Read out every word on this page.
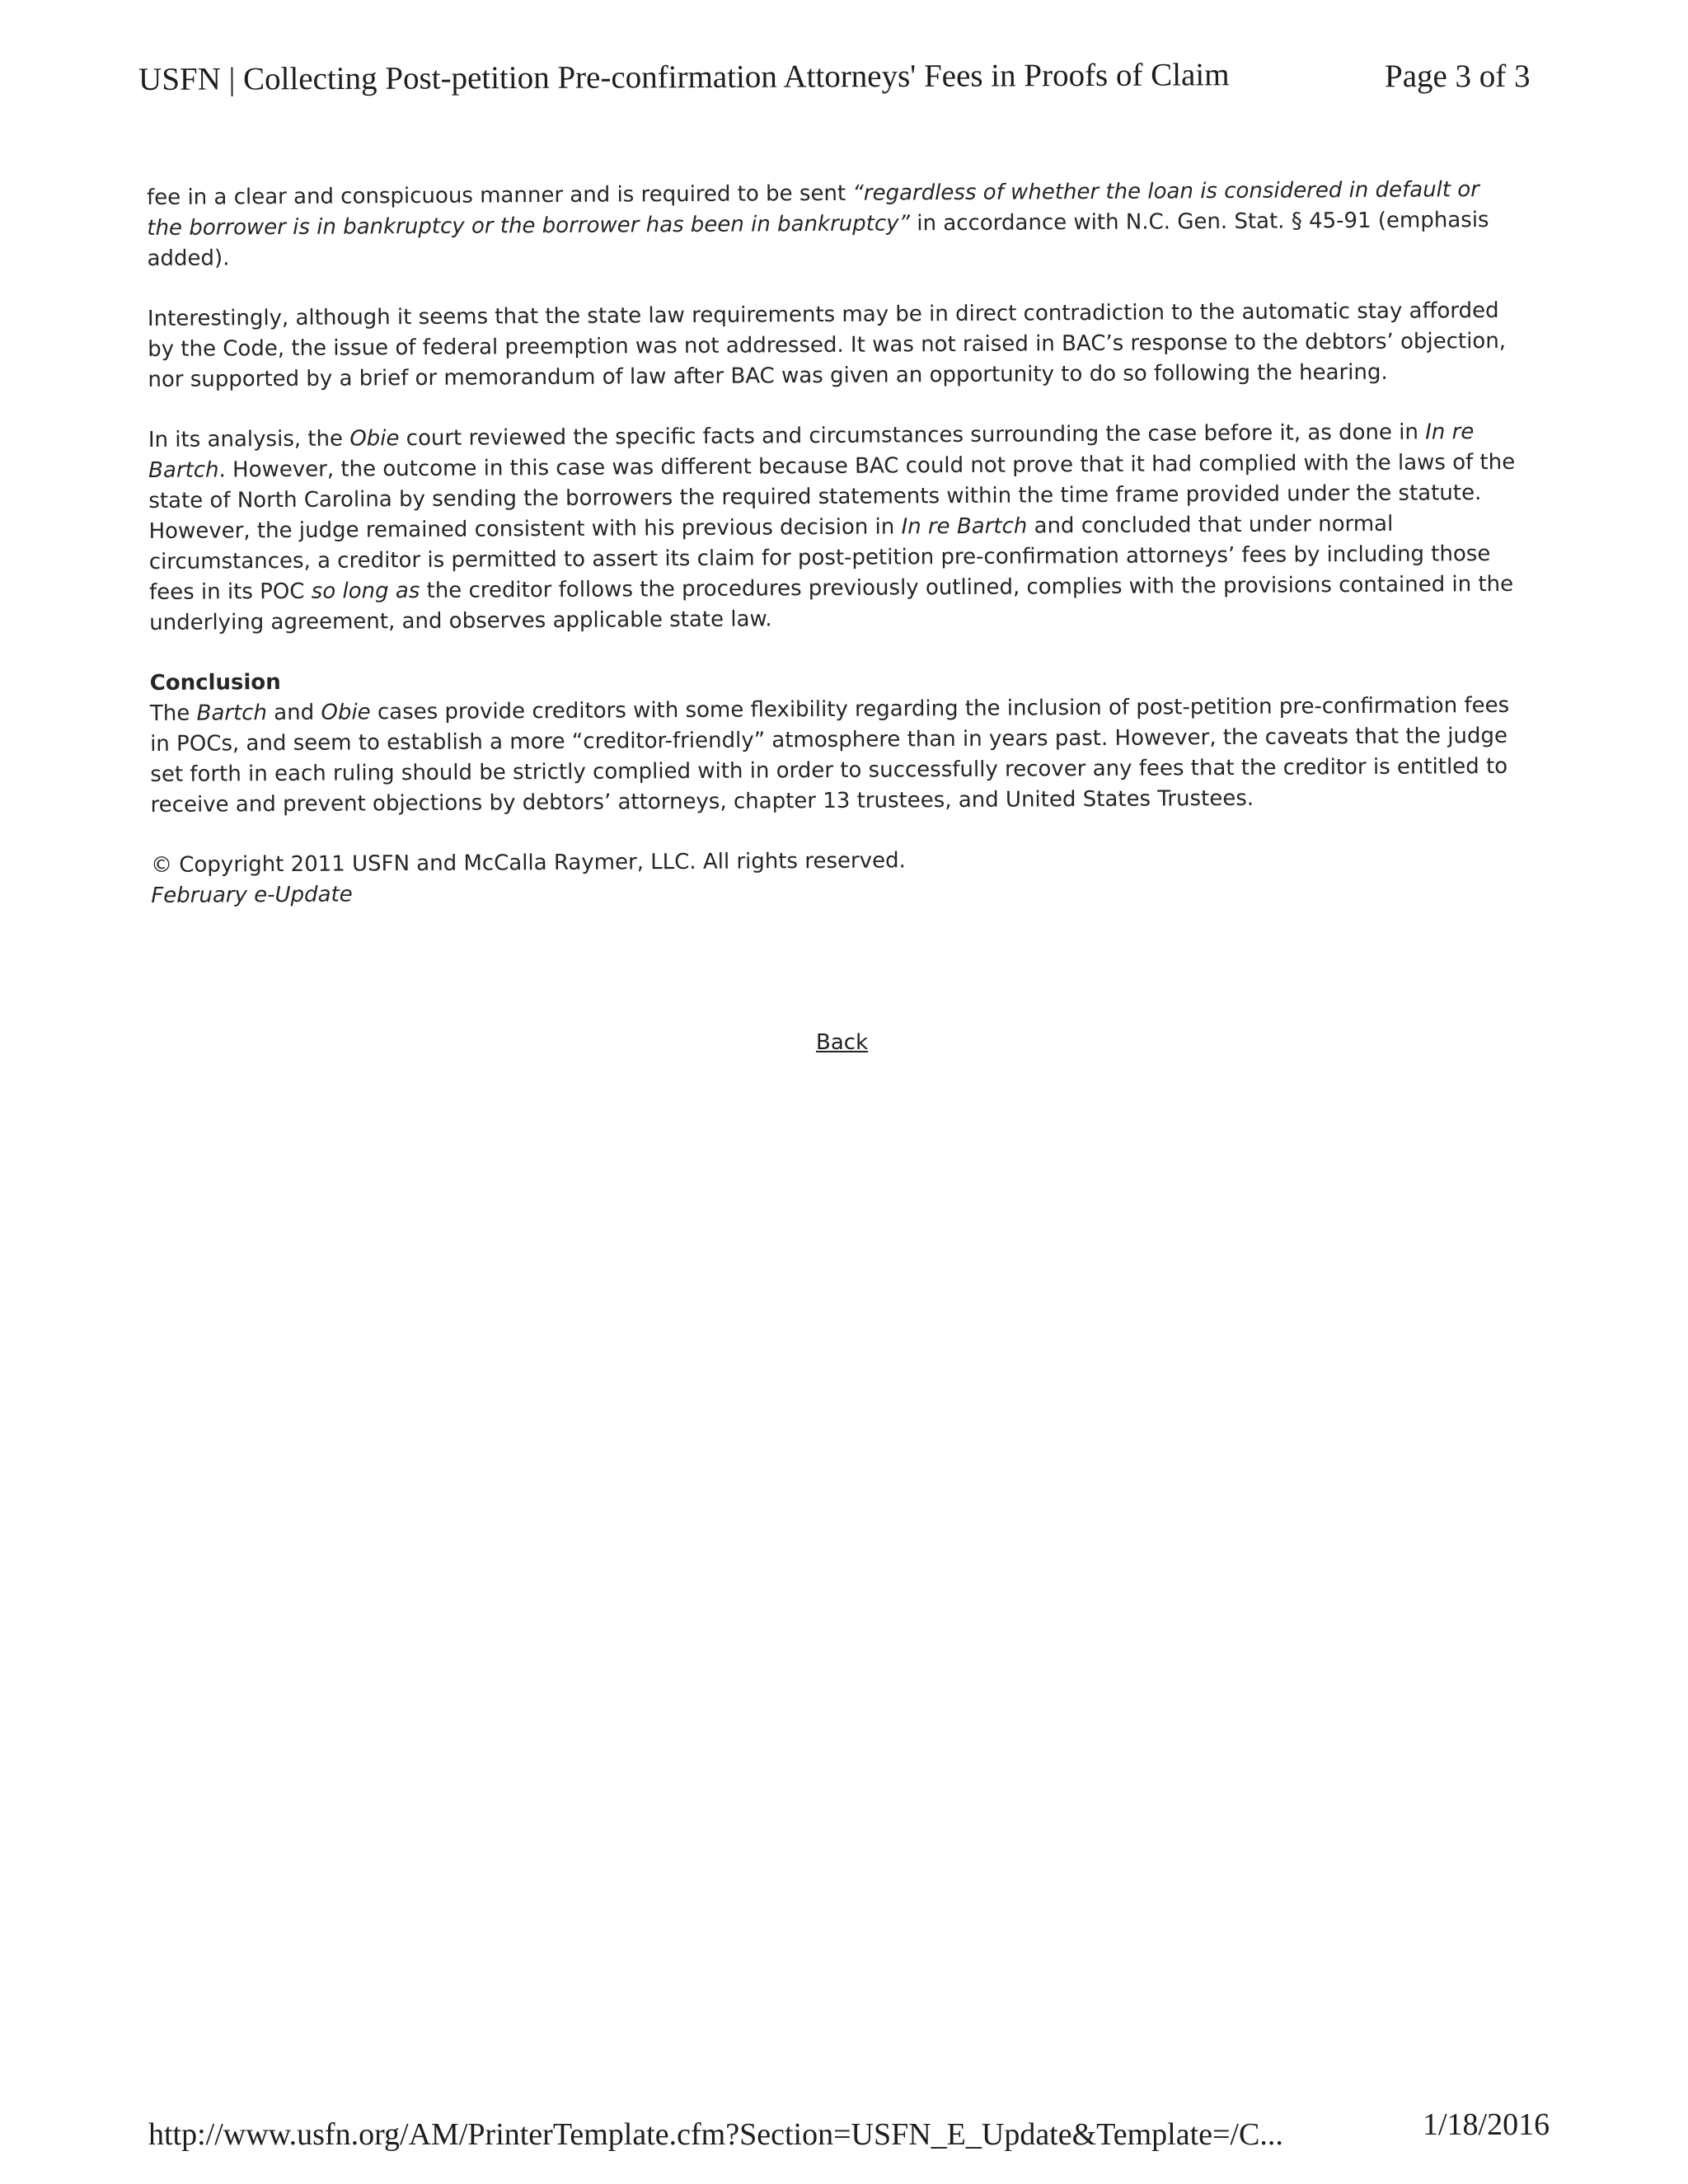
USFN | Collecting Post-petition Pre-confirmation Attorneys' Fees in Proofs of Claim	Page 3 of 3

fee in a clear and conspicuous manner and is required to be sent “regardless of whether the loan is considered in default or the borrower is in bankruptcy or the borrower has been in bankruptcy” in accordance with N.C. Gen. Stat. § 45-91 (emphasis added).

Interestingly, although it seems that the state law requirements may be in direct contradiction to the automatic stay afforded by the Code, the issue of federal preemption was not addressed. It was not raised in BAC’s response to the debtors’ objection, nor supported by a brief or memorandum of law after BAC was given an opportunity to do so following the hearing.

In its analysis, the Obie court reviewed the specific facts and circumstances surrounding the case before it, as done in In re Bartch. However, the outcome in this case was different because BAC could not prove that it had complied with the laws of the state of North Carolina by sending the borrowers the required statements within the time frame provided under the statute. However, the judge remained consistent with his previous decision in In re Bartch and concluded that under normal circumstances, a creditor is permitted to assert its claim for post-petition pre-confirmation attorneys’ fees by including those fees in its POC so long as the creditor follows the procedures previously outlined, complies with the provisions contained in the underlying agreement, and observes applicable state law.

Conclusion

The Bartch and Obie cases provide creditors with some flexibility regarding the inclusion of post-petition pre-confirmation fees in POCs, and seem to establish a more “creditor-friendly” atmosphere than in years past. However, the caveats that the judge set forth in each ruling should be strictly complied with in order to successfully recover any fees that the creditor is entitled to receive and prevent objections by debtors’ attorneys, chapter 13 trustees, and United States Trustees.

© Copyright 2011 USFN and McCalla Raymer, LLC. All rights reserved.
February e-Update
Back
http://www.usfn.org/AM/PrinterTemplate.cfm?Section=USFN_E_Update&Template=/C...	1/18/2016
